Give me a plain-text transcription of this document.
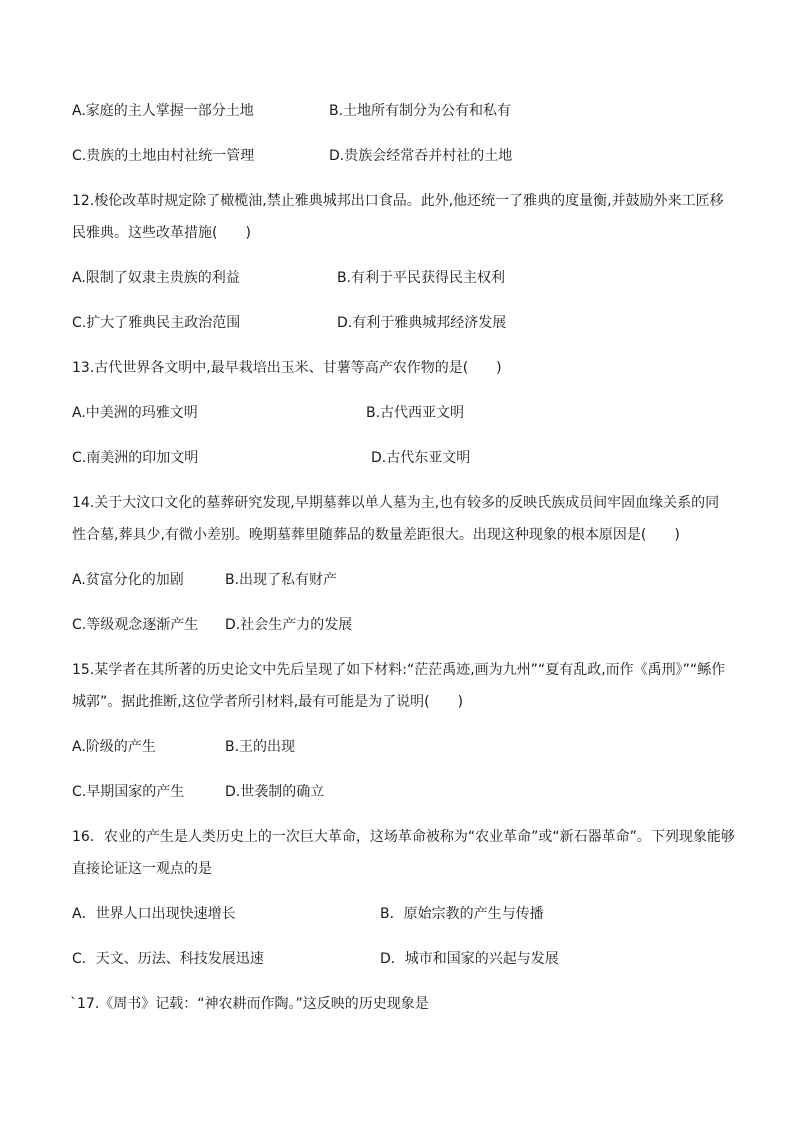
A.家庭的主人掌握一部分土地	B.土地所有制分为公有和私有
C.贵族的土地由村社统一管理	D.贵族会经常吞并村社的土地
12.梭伦改革时规定除了橄榄油,禁止雅典城邦出口食品。此外,他还统一了雅典的度量衡,并鼓励外来工匠移
民雅典。这些改革措施(　　)
A.限制了奴隶主贵族的利益	B.有利于平民获得民主权利
C.扩大了雅典民主政治范围	D.有利于雅典城邦经济发展
13.古代世界各文明中,最早栽培出玉米、甘薯等高产农作物的是(　　)
A.中美洲的玛雅文明	B.古代西亚文明
C.南美洲的印加文明	D.古代东亚文明
14.关于大汶口文化的墓葬研究发现,早期墓葬以单人墓为主,也有较多的反映氏族成员间牢固血缘关系的同
性合墓,葬具少,有微小差别。晚期墓葬里随葬品的数量差距很大。出现这种现象的根本原因是(　　)
A.贫富分化的加剧	B.出现了私有财产
C.等级观念逐渐产生 D.社会生产力的发展
15.某学者在其所著的历史论文中先后呈现了如下材料:“茫茫禹迹,画为九州”“夏有乱政,而作《禹刑》”“鲧作
城郭”。据此推断,这位学者所引材料,最有可能是为了说明(　　)
A.阶级的产生	B.王的出现
C.早期国家的产生	D.世袭制的确立
16．农业的产生是人类历史上的一次巨大革命，这场革命被称为“农业革命”或“新石器革命”。下列现象能够
直接论证这一观点的是
A．世界人口出现快速增长	B．原始宗教的产生与传播
C．天文、历法、科技发展迅速	D．城市和国家的兴起与发展
`17.《周书》记载：“神农耕而作陶。”这反映的历史现象是
